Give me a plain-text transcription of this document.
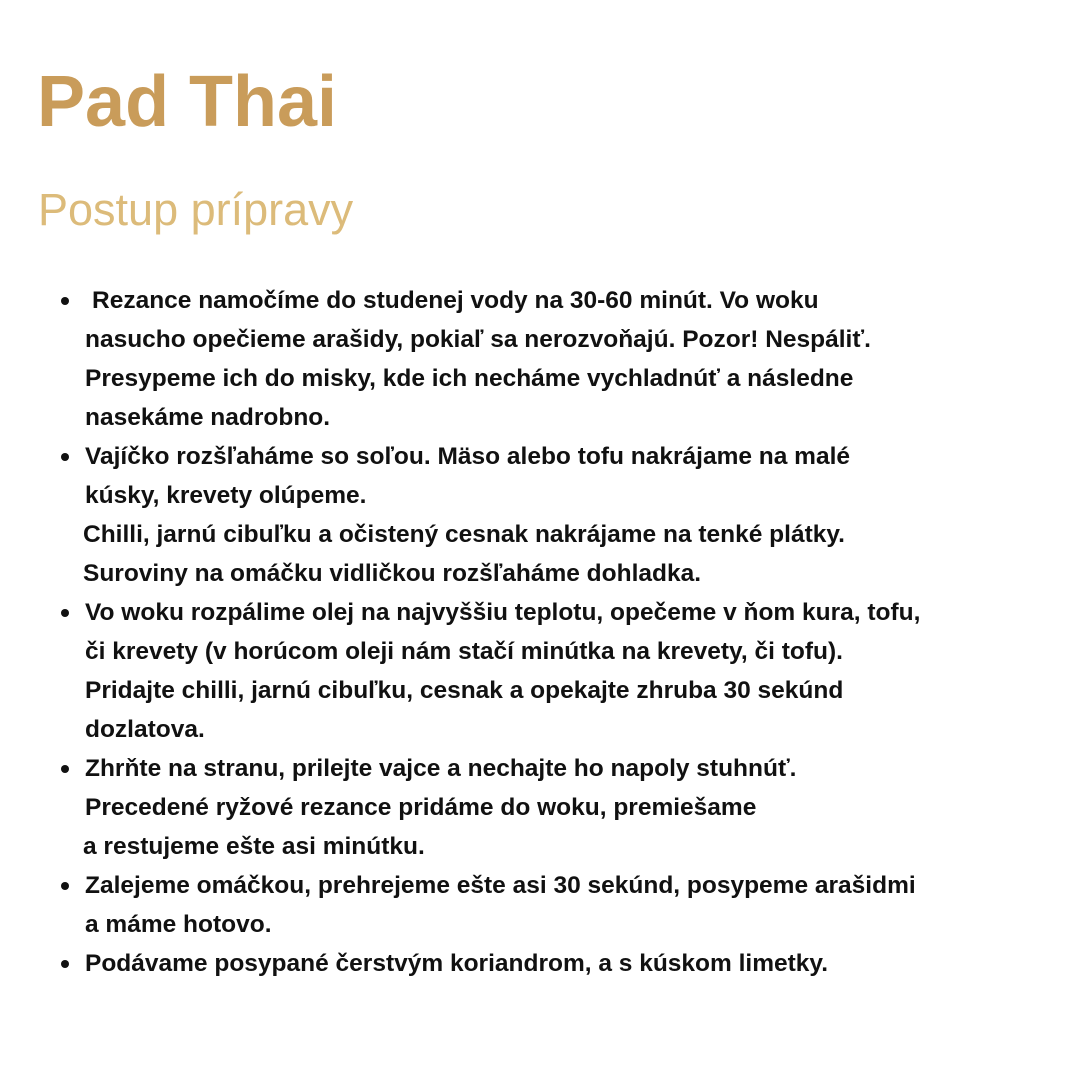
Pad Thai
Postup prípravy
Rezance namočíme do studenej vody na 30-60 minút. Vo woku
nasucho opečieme arašidy, pokiaľ sa nerozvoňajú. Pozor! Nespáliť.
Presypeme ich do misky, kde ich necháme vychladnúť a následne
nasekáme nadrobno.
Vajíčko rozšľaháme so soľou. Mäso alebo tofu nakrájame na malé
kúsky, krevety olúpeme.
Chilli, jarnú cibuľku a očistený cesnak nakrájame na tenké plátky.
Suroviny na omáčku vidličkou rozšľaháme dohladka.
Vo woku rozpálime olej na najvyššiu teplotu, opečeme v ňom kura, tofu,
či krevety (v horúcom oleji nám stačí minútka na krevety, či tofu).
Pridajte chilli, jarnú cibuľku, cesnak a opekajte zhruba 30 sekúnd
dozlatova.
Zhrňte na stranu, prilejte vajce a nechajte ho napoly stuhnúť.
Precedené ryžové rezance pridáme do woku, premiešame
a restujeme ešte asi minútku.
Zalejeme omáčkou, prehrejeme ešte asi 30 sekúnd, posypeme arašidmi
a máme hotovo.
Podávame posypané čerstvým koriandrom, a s kúskom limetky.
